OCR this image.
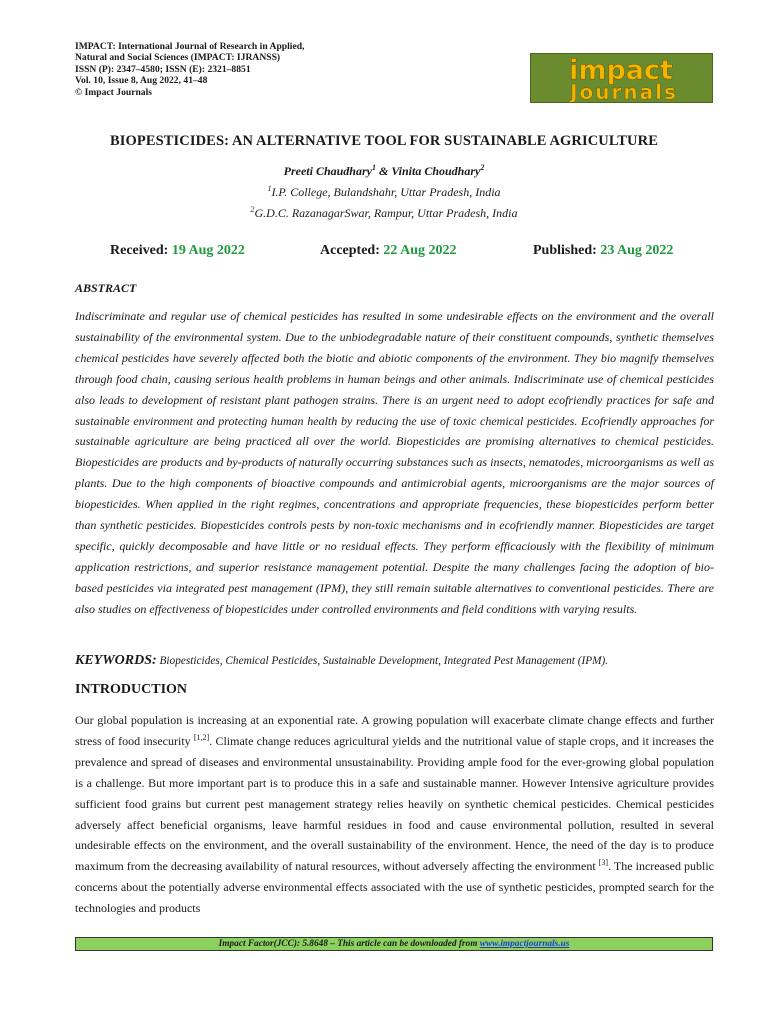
IMPACT: International Journal of Research in Applied,
Natural and Social Sciences (IMPACT: IJRANSS)
ISSN (P): 2347–4580; ISSN (E): 2321–8851
Vol. 10, Issue 8, Aug 2022, 41–48
© Impact Journals
impact
Journals
BIOPESTICIDES: AN ALTERNATIVE TOOL FOR SUSTAINABLE AGRICULTURE
Preeti Chaudhary$^1$ & Vinita Choudhary$^2$
$^1$I.P. College, Bulandshahr, Uttar Pradesh, India
$^2$G.D.C. RazanagarSwar, Rampur, Uttar Pradesh, India
Received: 19 Aug 2022	Accepted: 22 Aug 2022	Published: 23 Aug 2022
ABSTRACT
Indiscriminate and regular use of chemical pesticides has resulted in some undesirable effects on the environment and the overall sustainability of the environmental system. Due to the unbiodegradable nature of their constituent compounds, synthetic themselves chemical pesticides have severely affected both the biotic and abiotic components of the environment. They bio magnify themselves through food chain, causing serious health problems in human beings and other animals. Indiscriminate use of chemical pesticides also leads to development of resistant plant pathogen strains. There is an urgent need to adopt ecofriendly practices for safe and sustainable environment and protecting human health by reducing the use of toxic chemical pesticides. Ecofriendly approaches for sustainable agriculture are being practiced all over the world. Biopesticides are promising alternatives to chemical pesticides. Biopesticides are products and by-products of naturally occurring substances such as insects, nematodes, microorganisms as well as plants. Due to the high components of bioactive compounds and antimicrobial agents, microorganisms are the major sources of biopesticides. When applied in the right regimes, concentrations and appropriate frequencies, these biopesticides perform better than synthetic pesticides. Biopesticides controls pests by non-toxic mechanisms and in ecofriendly manner. Biopesticides are target specific, quickly decomposable and have little or no residual effects. They perform efficaciously with the flexibility of minimum application restrictions, and superior resistance management potential. Despite the many challenges facing the adoption of bio-based pesticides via integrated pest management (IPM), they still remain suitable alternatives to conventional pesticides. There are also studies on effectiveness of biopesticides under controlled environments and field conditions with varying results.
KEYWORDS: Biopesticides, Chemical Pesticides, Sustainable Development, Integrated Pest Management (IPM).
INTRODUCTION
Our global population is increasing at an exponential rate. A growing population will exacerbate climate change effects and further stress of food insecurity [1,2]. Climate change reduces agricultural yields and the nutritional value of staple crops, and it increases the prevalence and spread of diseases and environmental unsustainability. Providing ample food for the ever-growing global population is a challenge. But more important part is to produce this in a safe and sustainable manner. However Intensive agriculture provides sufficient food grains but current pest management strategy relies heavily on synthetic chemical pesticides. Chemical pesticides adversely affect beneficial organisms, leave harmful residues in food and cause environmental pollution, resulted in several undesirable effects on the environment, and the overall sustainability of the environment. Hence, the need of the day is to produce maximum from the decreasing availability of natural resources, without adversely affecting the environment [3]. The increased public concerns about the potentially adverse environmental effects associated with the use of synthetic pesticides, prompted search for the technologies and products
Impact Factor(JCC): 5.8648 – This article can be downloaded from www.impactjournals.us
